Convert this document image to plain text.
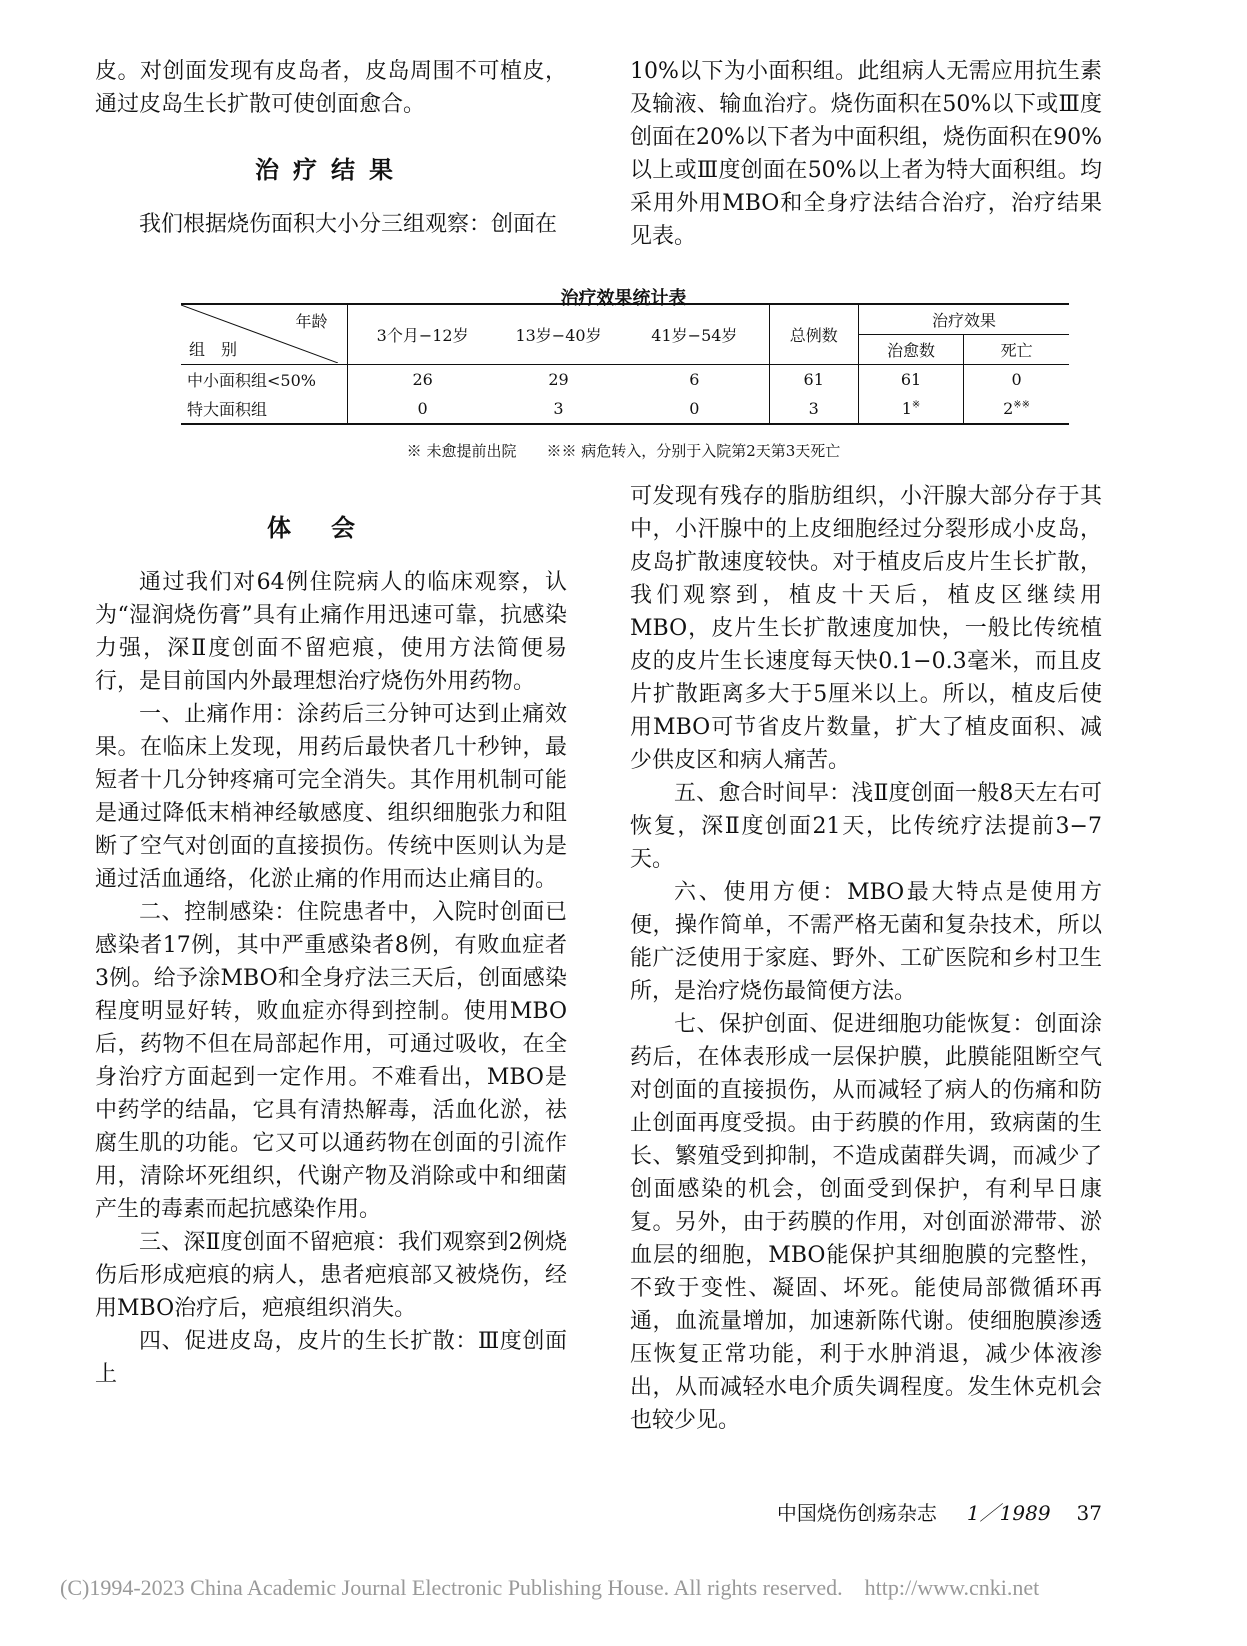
皮。对创面发现有皮岛者，皮岛周围不可植皮，通过皮岛生长扩散可使创面愈合。

治疗结果

我们根据烧伤面积大小分三组观察：创面在

10%以下为小面积组。此组病人无需应用抗生素及输液、输血治疗。烧伤面积在50%以下或Ⅲ度创面在20%以下者为中面积组，烧伤面积在90%以上或Ⅲ度创面在50%以上者为特大面积组。均采用外用MBO和全身疗法结合治疗，治疗结果见表。

治疗效果统计表
年龄
组　别	3个月−12岁	13岁−40岁	41岁−54岁	总例数	治疗效果	
					治愈数	死亡
中小面积组<50%	26	29	6	61	61	0
特大面积组	0	3	0	3	1※	2※※
※ 未愈提前出院　　※※ 病危转入，分别于入院第2天第3天死亡
体会

通过我们对64例住院病人的临床观察，认为“湿润烧伤膏”具有止痛作用迅速可靠，抗感染力强，深Ⅱ度创面不留疤痕，使用方法简便易行，是目前国内外最理想治疗烧伤外用药物。

一、止痛作用：涂药后三分钟可达到止痛效果。在临床上发现，用药后最快者几十秒钟，最短者十几分钟疼痛可完全消失。其作用机制可能是通过降低末梢神经敏感度、组织细胞张力和阻断了空气对创面的直接损伤。传统中医则认为是通过活血通络，化淤止痛的作用而达止痛目的。

二、控制感染：住院患者中，入院时创面已感染者17例，其中严重感染者8例，有败血症者3例。给予涂MBO和全身疗法三天后，创面感染程度明显好转，败血症亦得到控制。使用MBO后，药物不但在局部起作用，可通过吸收，在全身治疗方面起到一定作用。不难看出，MBO是中药学的结晶，它具有清热解毒，活血化淤，祛腐生肌的功能。它又可以通药物在创面的引流作用，清除坏死组织，代谢产物及消除或中和细菌产生的毒素而起抗感染作用。

三、深Ⅱ度创面不留疤痕：我们观察到2例烧伤后形成疤痕的病人，患者疤痕部又被烧伤，经用MBO治疗后，疤痕组织消失。

四、促进皮岛，皮片的生长扩散：Ⅲ度创面上

可发现有残存的脂肪组织，小汗腺大部分存于其中，小汗腺中的上皮细胞经过分裂形成小皮岛，皮岛扩散速度较快。对于植皮后皮片生长扩散，我们观察到，植皮十天后，植皮区继续用MBO，皮片生长扩散速度加快，一般比传统植皮的皮片生长速度每天快0.1−0.3毫米，而且皮片扩散距离多大于5厘米以上。所以，植皮后使用MBO可节省皮片数量，扩大了植皮面积、减少供皮区和病人痛苦。

五、愈合时间早：浅Ⅱ度创面一般8天左右可恢复，深Ⅱ度创面21天，比传统疗法提前3−7天。

六、使用方便：MBO最大特点是使用方便，操作简单，不需严格无菌和复杂技术，所以能广泛使用于家庭、野外、工矿医院和乡村卫生所，是治疗烧伤最简便方法。

七、保护创面、促进细胞功能恢复：创面涂药后，在体表形成一层保护膜，此膜能阻断空气对创面的直接损伤，从而减轻了病人的伤痛和防止创面再度受损。由于药膜的作用，致病菌的生长、繁殖受到抑制，不造成菌群失调，而减少了创面感染的机会，创面受到保护，有利早日康复。另外，由于药膜的作用，对创面淤滞带、淤血层的细胞，MBO能保护其细胞膜的完整性，不致于变性、凝固、坏死。能使局部微循环再通，血流量增加，加速新陈代谢。使细胞膜渗透压恢复正常功能，利于水肿消退，减少体液渗出，从而减轻水电介质失调程度。发生休克机会也较少见。

中国烧伤创疡杂志 1／1989 37
(C)1994-2023 China Academic Journal Electronic Publishing House. All rights reserved.　http://www.cnki.net
